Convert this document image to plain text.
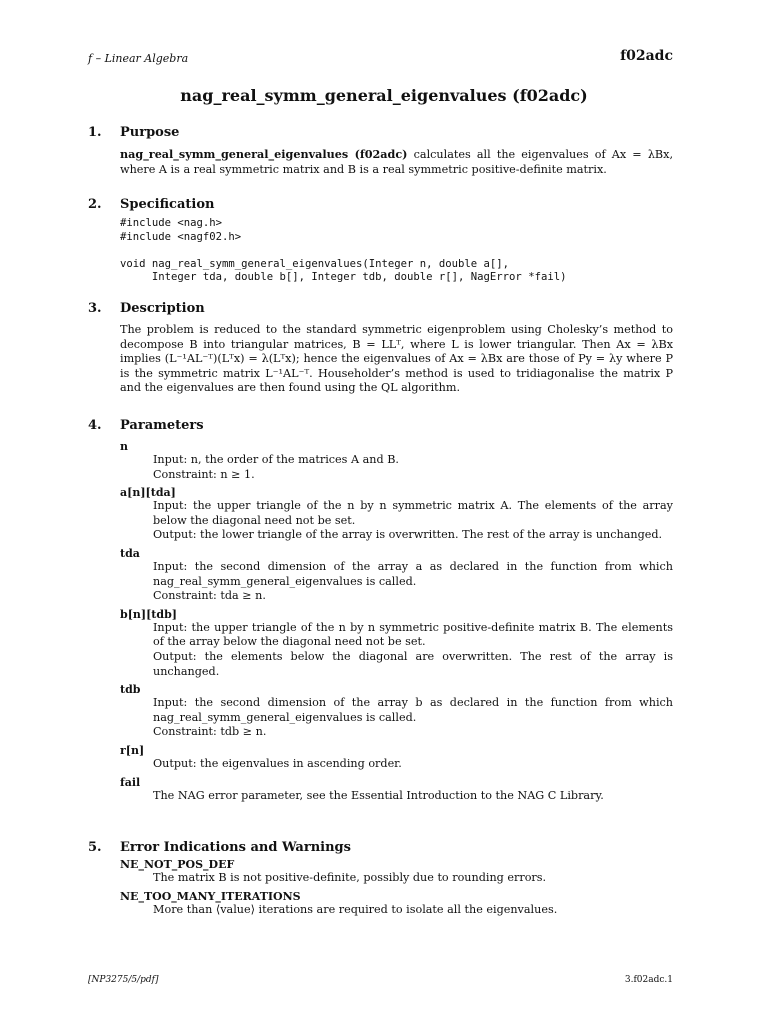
f – Linear Algebra	f02adc
nag_real_symm_general_eigenvalues (f02adc)
1. Purpose
nag_real_symm_general_eigenvalues (f02adc) calculates all the eigenvalues of Ax = λBx, where A is a real symmetric matrix and B is a real symmetric positive-definite matrix.
2. Specification
#include <nag.h>
#include <nagf02.h>

void nag_real_symm_general_eigenvalues(Integer n, double a[],
Integer tda, double b[], Integer tdb, double r[], NagError *fail)
3. Description
The problem is reduced to the standard symmetric eigenproblem using Cholesky’s method to decompose B into triangular matrices, B = LLᵀ, where L is lower triangular. Then Ax = λBx implies (L⁻¹AL⁻ᵀ)(Lᵀx) = λ(Lᵀx); hence the eigenvalues of Ax = λBx are those of Py = λy where P is the symmetric matrix L⁻¹AL⁻ᵀ. Householder’s method is used to tridiagonalise the matrix P and the eigenvalues are then found using the QL algorithm.
4. Parameters
n
Input: n, the order of the matrices A and B.
Constraint: n ≥ 1.
a[n][tda]
Input: the upper triangle of the n by n symmetric matrix A. The elements of the array below the diagonal need not be set.
Output: the lower triangle of the array is overwritten. The rest of the array is unchanged.
tda
Input: the second dimension of the array a as declared in the function from which nag_real_symm_general_eigenvalues is called.
Constraint: tda ≥ n.
b[n][tdb]
Input: the upper triangle of the n by n symmetric positive-definite matrix B. The elements of the array below the diagonal need not be set.
Output: the elements below the diagonal are overwritten. The rest of the array is unchanged.
tdb
Input: the second dimension of the array b as declared in the function from which nag_real_symm_general_eigenvalues is called.
Constraint: tdb ≥ n.
r[n]
Output: the eigenvalues in ascending order.
fail
The NAG error parameter, see the Essential Introduction to the NAG C Library.
5. Error Indications and Warnings
NE_NOT_POS_DEF
The matrix B is not positive-definite, possibly due to rounding errors.
NE_TOO_MANY_ITERATIONS
More than ⟨value⟩ iterations are required to isolate all the eigenvalues.
[NP3275/5/pdf]	3.f02adc.1
